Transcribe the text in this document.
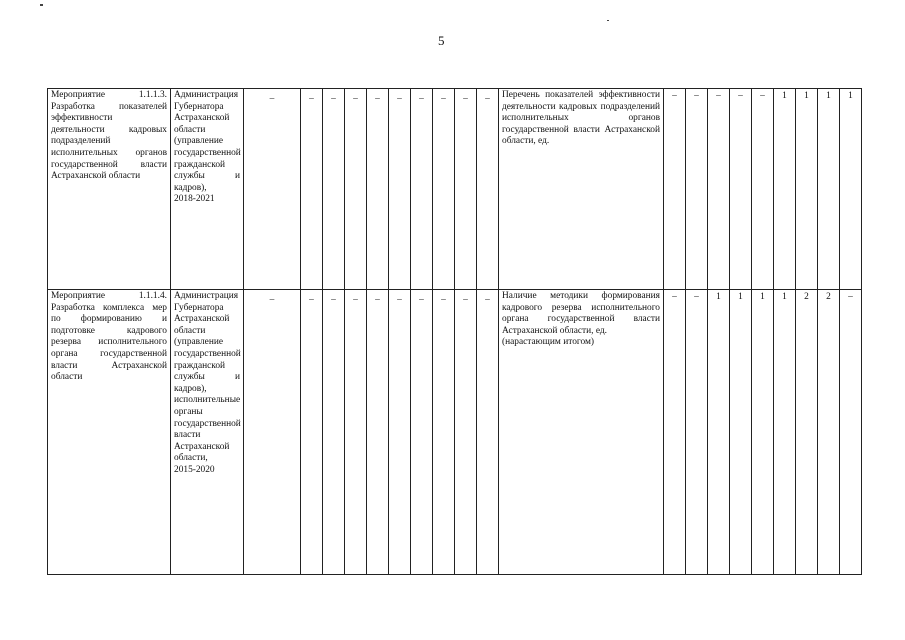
5
Мероприятие 1.1.1.3. Разработка показателей эффективности деятельности кадровых подразделений исполнительных органов государственной власти Астраханской области	Администрация Губернатора Астраханской области (управление государственной гражданской службы и кадров),
2018-2021	–	–	–	–	–	–	–	–	–	–	Перечень показателей эффективности деятельности кадровых подразделений исполнительных органов государственной власти Астраханской области, ед.	–	–	–	–	–	1	1	1	1
Мероприятие 1.1.1.4. Разработка комплекса мер по формированию и подготовке кадрового резерва исполнительного органа государственной власти Астраханской области	Администрация Губернатора Астраханской области (управление государственной гражданской службы и кадров), исполнительные органы государственной власти Астраханской области,
2015-2020	–	–	–	–	–	–	–	–	–	–	Наличие методики формирования кадрового резерва исполнительного органа государственной власти Астраханской области, ед.
(нарастающим итогом)	–	–	1	1	1	1	2	2	–
